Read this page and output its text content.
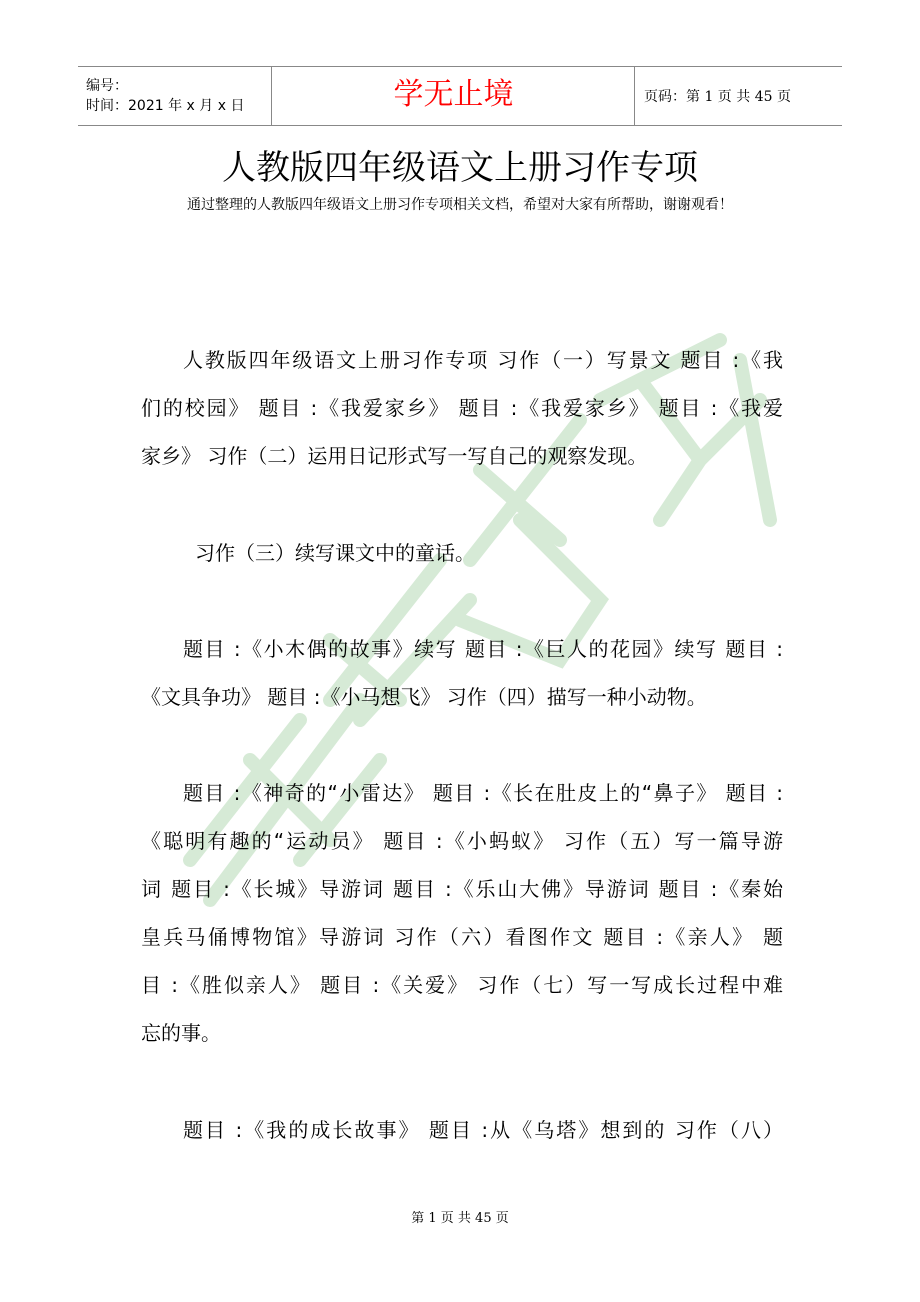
编号：
时间：2021 年 x 月 x 日	学无止境	页码：第 1 页 共 45 页
人教版四年级语文上册习作专项
通过整理的人教版四年级语文上册习作专项相关文档，希望对大家有所帮助，谢谢观看！
人教版四年级语文上册习作专项 习作（一）写景文 题目 :《我
们的校园》 题目 :《我爱家乡》 题目 :《我爱家乡》 题目 :《我爱
家乡》 习作（二）运用日记形式写一写自己的观察发现。
习作（三）续写课文中的童话。
题目 :《小木偶的故事》续写 题目 :《巨人的花园》续写 题目 :
《文具争功》 题目 :《小马想飞》 习作（四）描写一种小动物。
题目 :《神奇的“小雷达》 题目 :《长在肚皮上的“鼻子》 题目 :
《聪明有趣的“运动员》 题目 :《小蚂蚁》 习作（五）写一篇导游
词 题目 :《长城》导游词 题目 :《乐山大佛》导游词 题目 :《秦始
皇兵马俑博物馆》导游词 习作（六）看图作文 题目 :《亲人》 题
目 :《胜似亲人》 题目 :《关爱》 习作（七）写一写成长过程中难
忘的事。
题目 :《我的成长故事》 题目 :从《乌塔》想到的 习作（八）
第 1 页 共 45 页
